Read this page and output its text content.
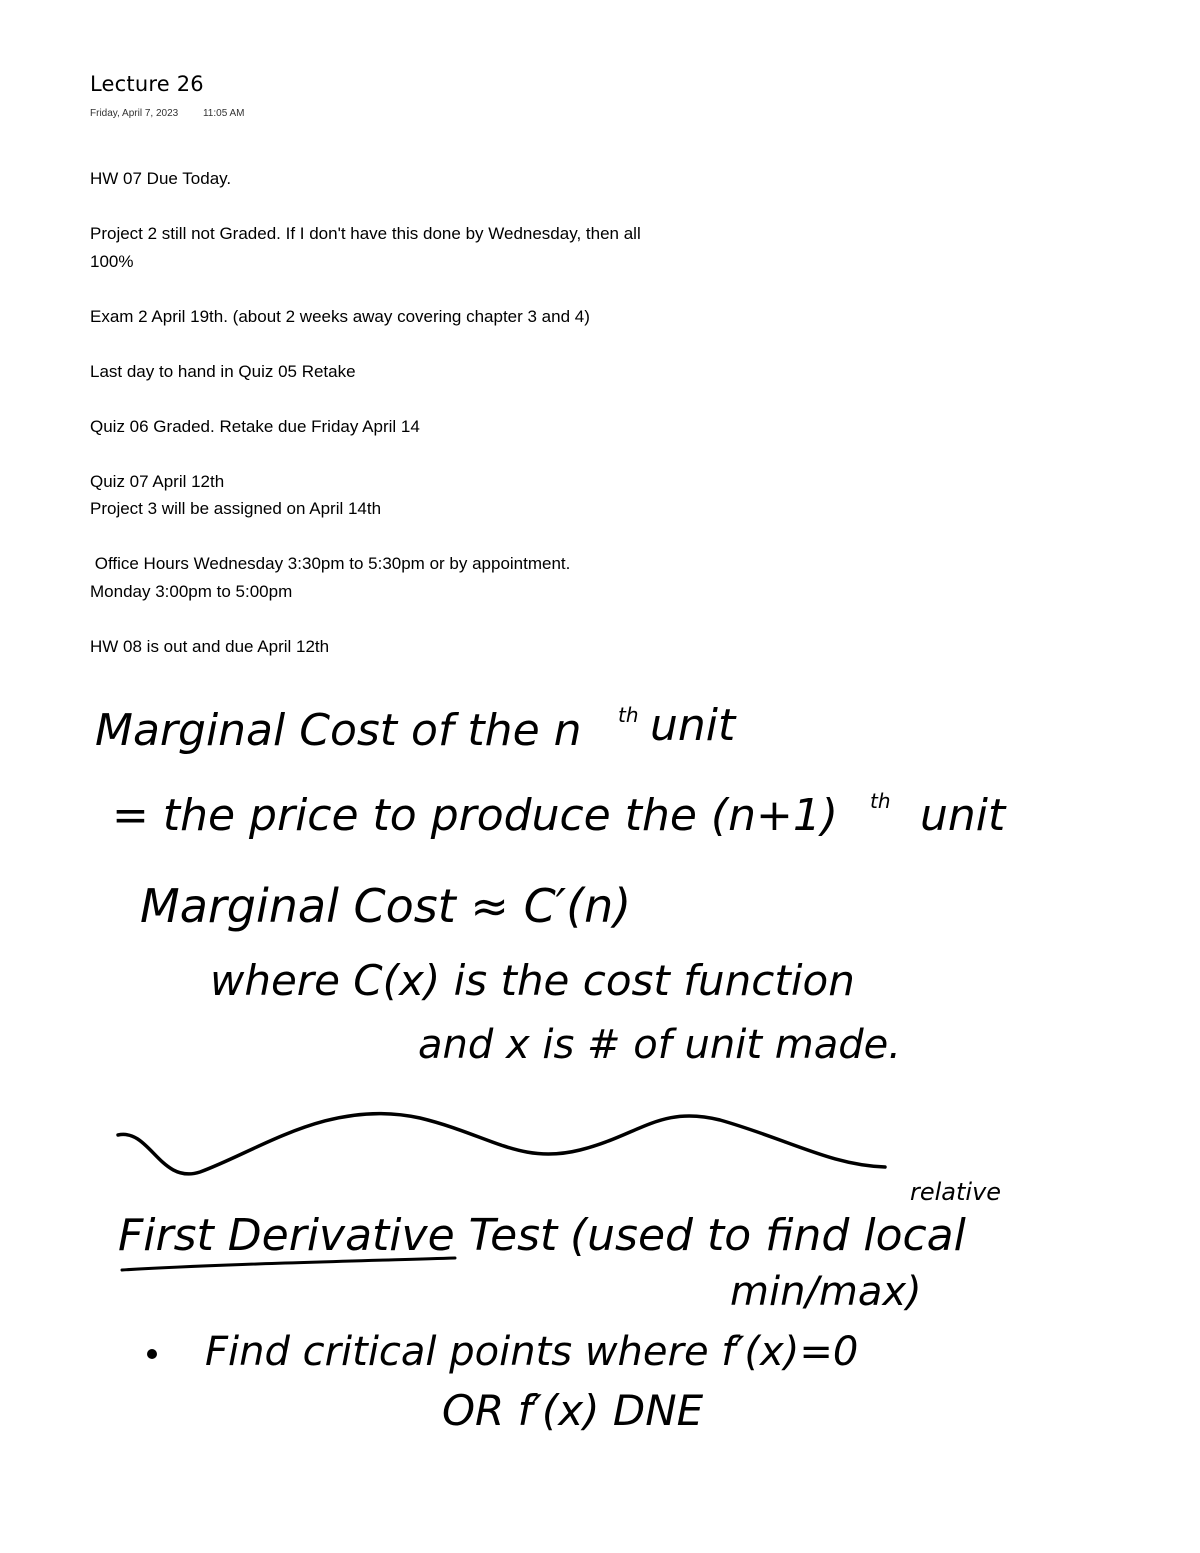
Lecture 26
Friday, April 7, 2023 11:05 AM

HW 07 Due Today.

Project 2 still not Graded. If I don't have this done by Wednesday, then all
100%

Exam 2 April 19th. (about 2 weeks away covering chapter 3 and 4)

Last day to hand in Quiz 05 Retake

Quiz 06 Graded. Retake due Friday April 14

Quiz 07 April 12th
Project 3 will be assigned on April 14th

Office Hours Wednesday 3:30pm to 5:30pm or by appointment.
Monday 3:00pm to 5:00pm

HW 08 is out and due April 12th

Marginal Cost of the n th unit
= the price to produce the (n+1) th unit
Marginal Cost ≈ C′(n)
where C(x) is the cost function
and x is # of unit made.
relative
First Derivative Test (used to find local
min/max)
Find critical points where f′(x)=0
OR f′(x) DNE
